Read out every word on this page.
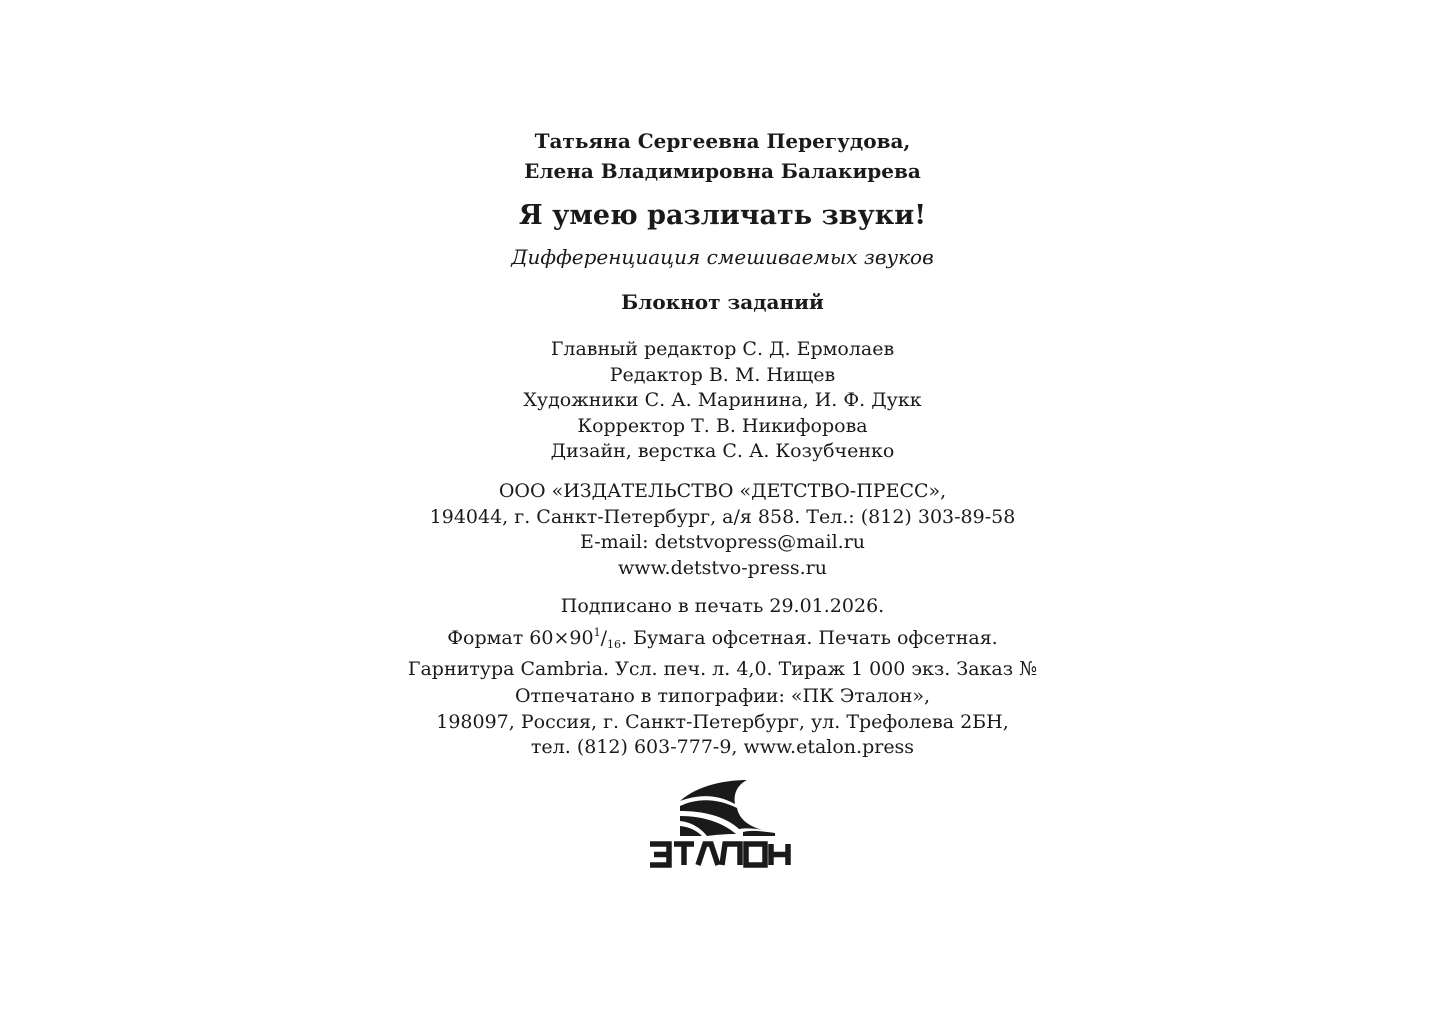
Татьяна Сергеевна Перегудова,
Елена Владимировна Балакирева
Я умею различать звуки!
Дифференциация смешиваемых звуков
Блокнот заданий
Главный редактор С. Д. Ермолаев
Редактор В. М. Нищев
Художники С. А. Маринина, И. Ф. Дукк
Корректор Т. В. Никифорова
Дизайн, верстка С. А. Козубченко
ООО «ИЗДАТЕЛЬСТВО «ДЕТСТВО-ПРЕСС»,
194044, г. Санкт-Петербург, а/я 858. Тел.: (812) 303-89-58
E-mail: detstvopress@mail.ru
www.detstvo-press.ru
Подписано в печать 29.01.2026.
Формат $60\times 90^1/_{16}$. Бумага офсетная. Печать офсетная.
Гарнитура Cambria. Усл. печ. л. 4,0. Тираж 1 000 экз. Заказ №
Отпечатано в типографии: «ПК Эталон»,
198097, Россия, г. Санкт-Петербург, ул. Трефолева 2БН,
тел. (812) 603-777-9, www.etalon.press
